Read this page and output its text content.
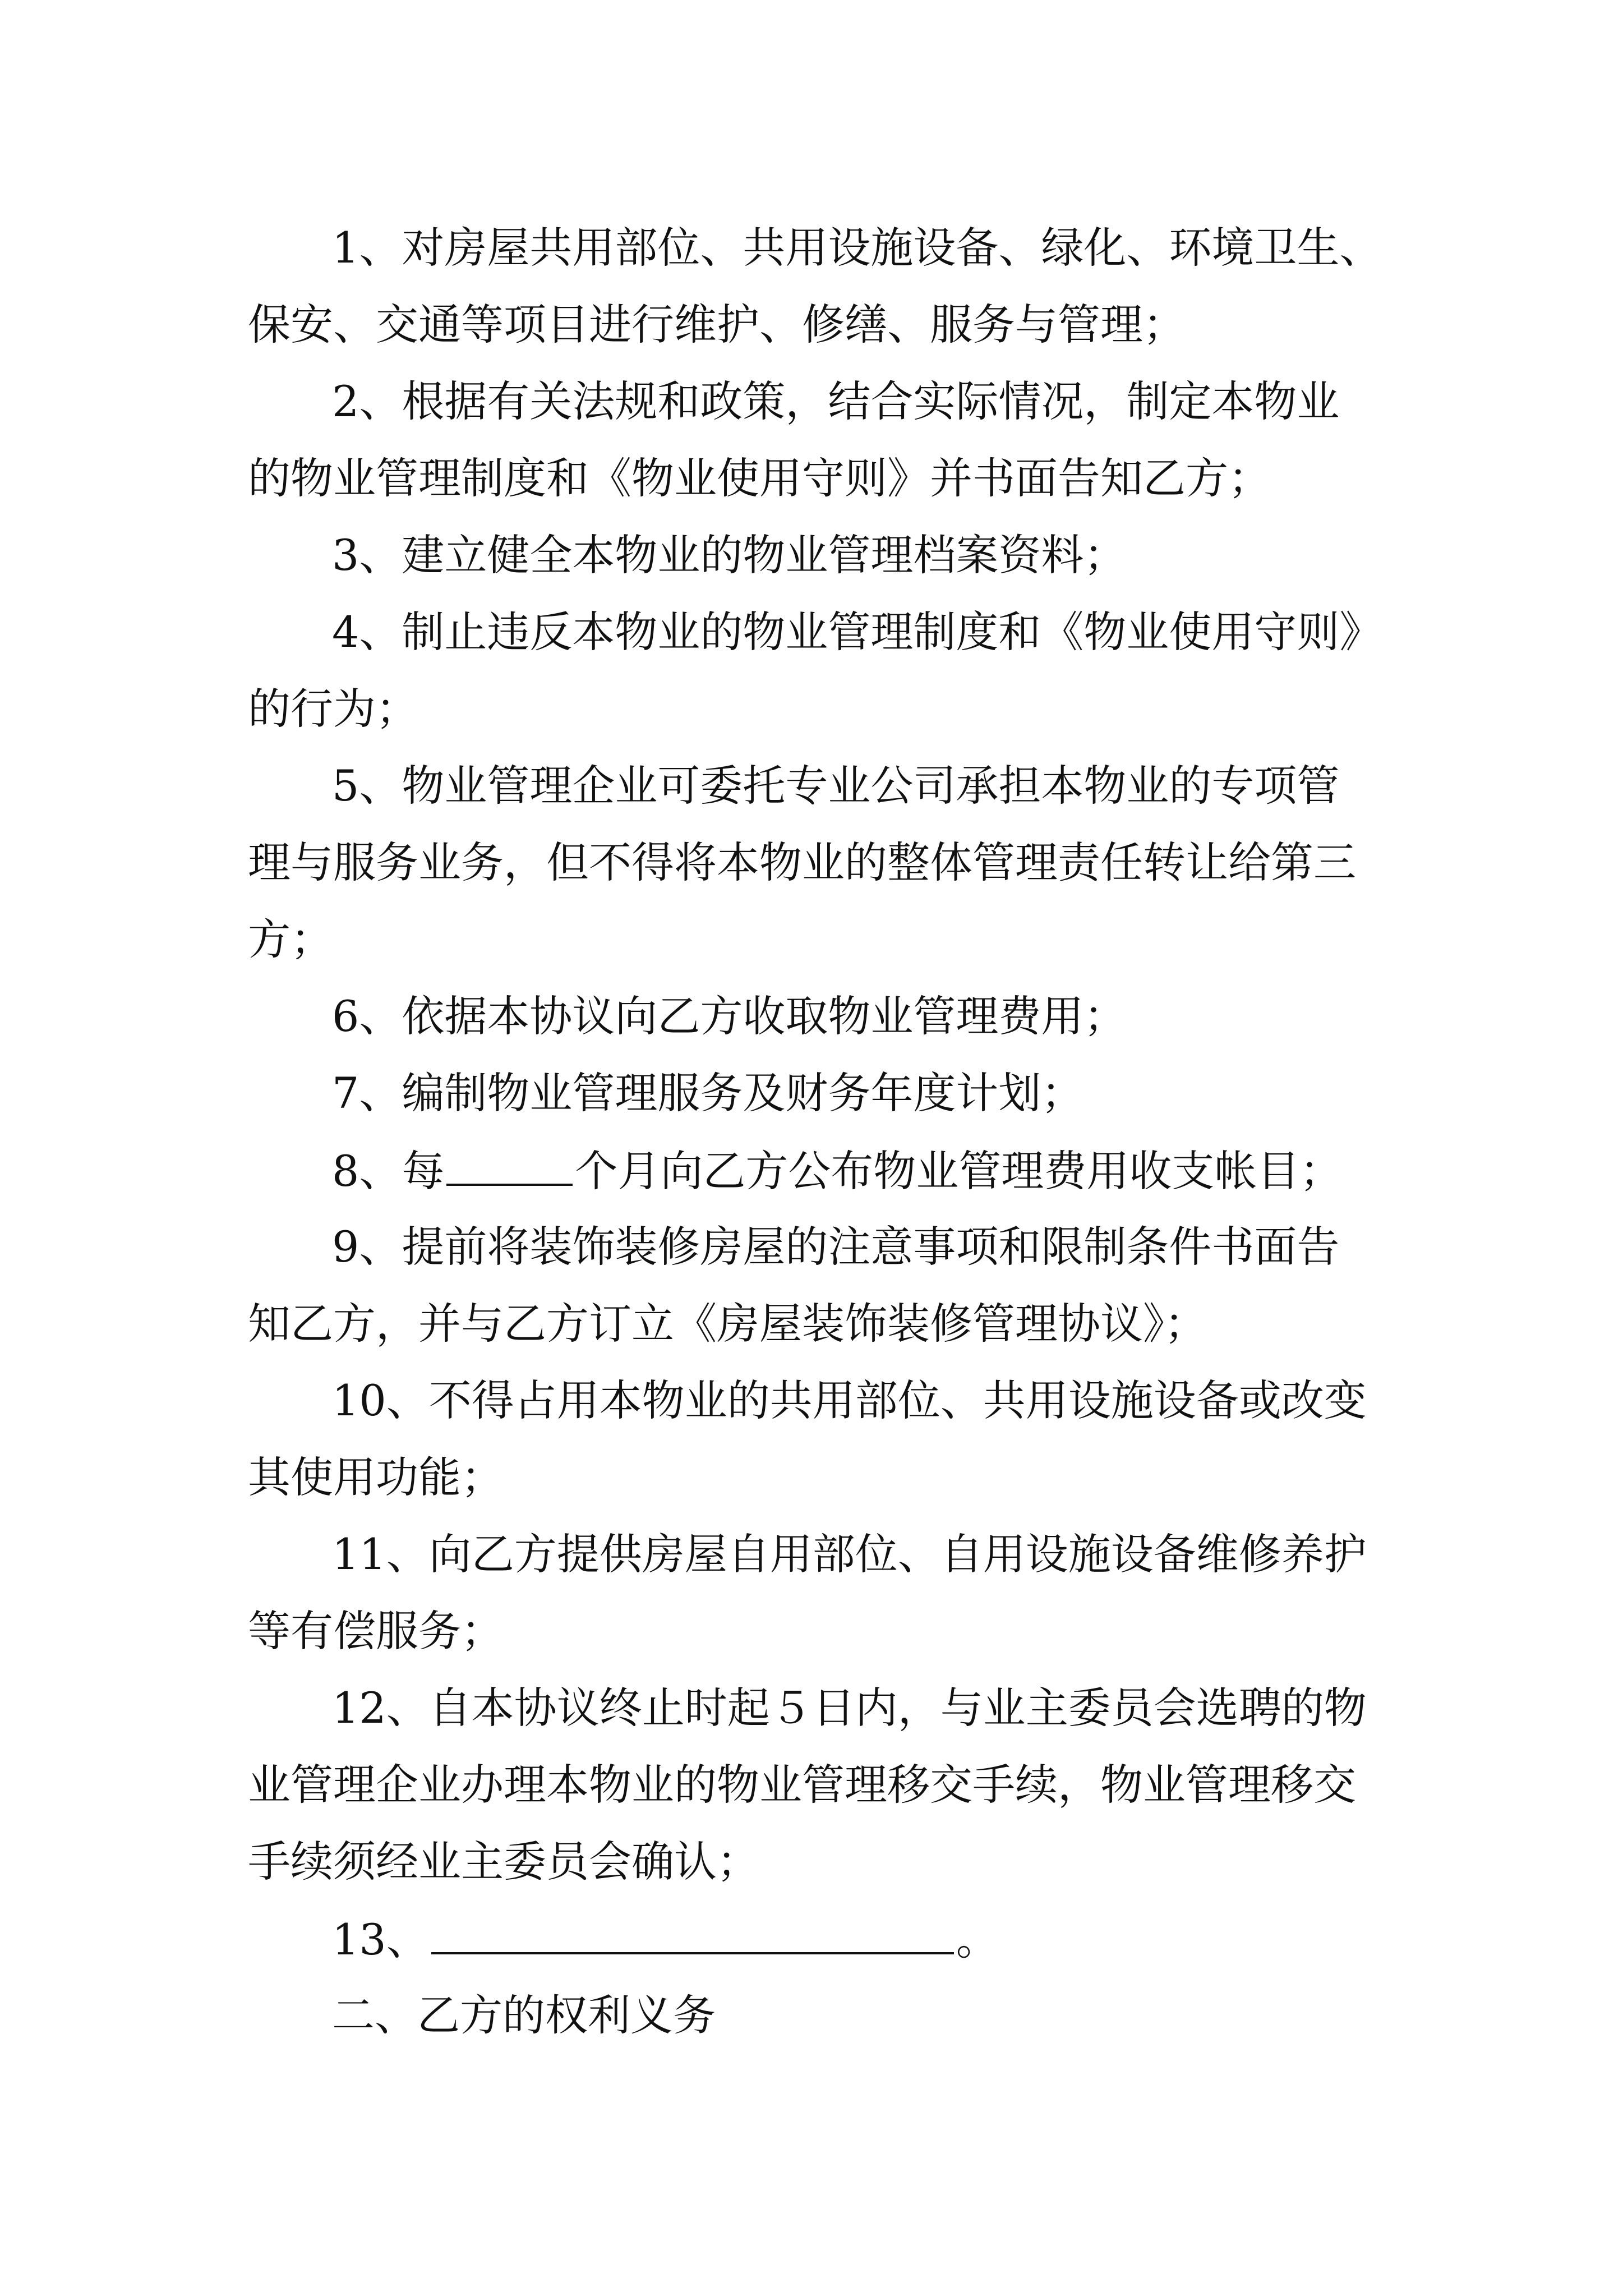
1、对房屋共用部位、共用设施设备、绿化、环境卫生、
保安、交通等项目进行维护、修缮、服务与管理；
2、根据有关法规和政策，结合实际情况，制定本物业
的物业管理制度和《物业使用守则》并书面告知乙方；
3、建立健全本物业的物业管理档案资料；
4、制止违反本物业的物业管理制度和《物业使用守则》
的行为；
5、物业管理企业可委托专业公司承担本物业的专项管
理与服务业务，但不得将本物业的整体管理责任转让给第三
方；
6、依据本协议向乙方收取物业管理费用；
7、编制物业管理服务及财务年度计划；
8、每	个月向乙方公布物业管理费用收支帐目；
9、提前将装饰装修房屋的注意事项和限制条件书面告
知乙方，并与乙方订立《房屋装饰装修管理协议》；
10、不得占用本物业的共用部位、共用设施设备或改变
其使用功能；
11、向乙方提供房屋自用部位、自用设施设备维修养护
等有偿服务；
12、自本协议终止时起５日内，与业主委员会选聘的物
业管理企业办理本物业的物业管理移交手续，物业管理移交
手续须经业主委员会确认；
13、	。
二、乙方的权利义务
